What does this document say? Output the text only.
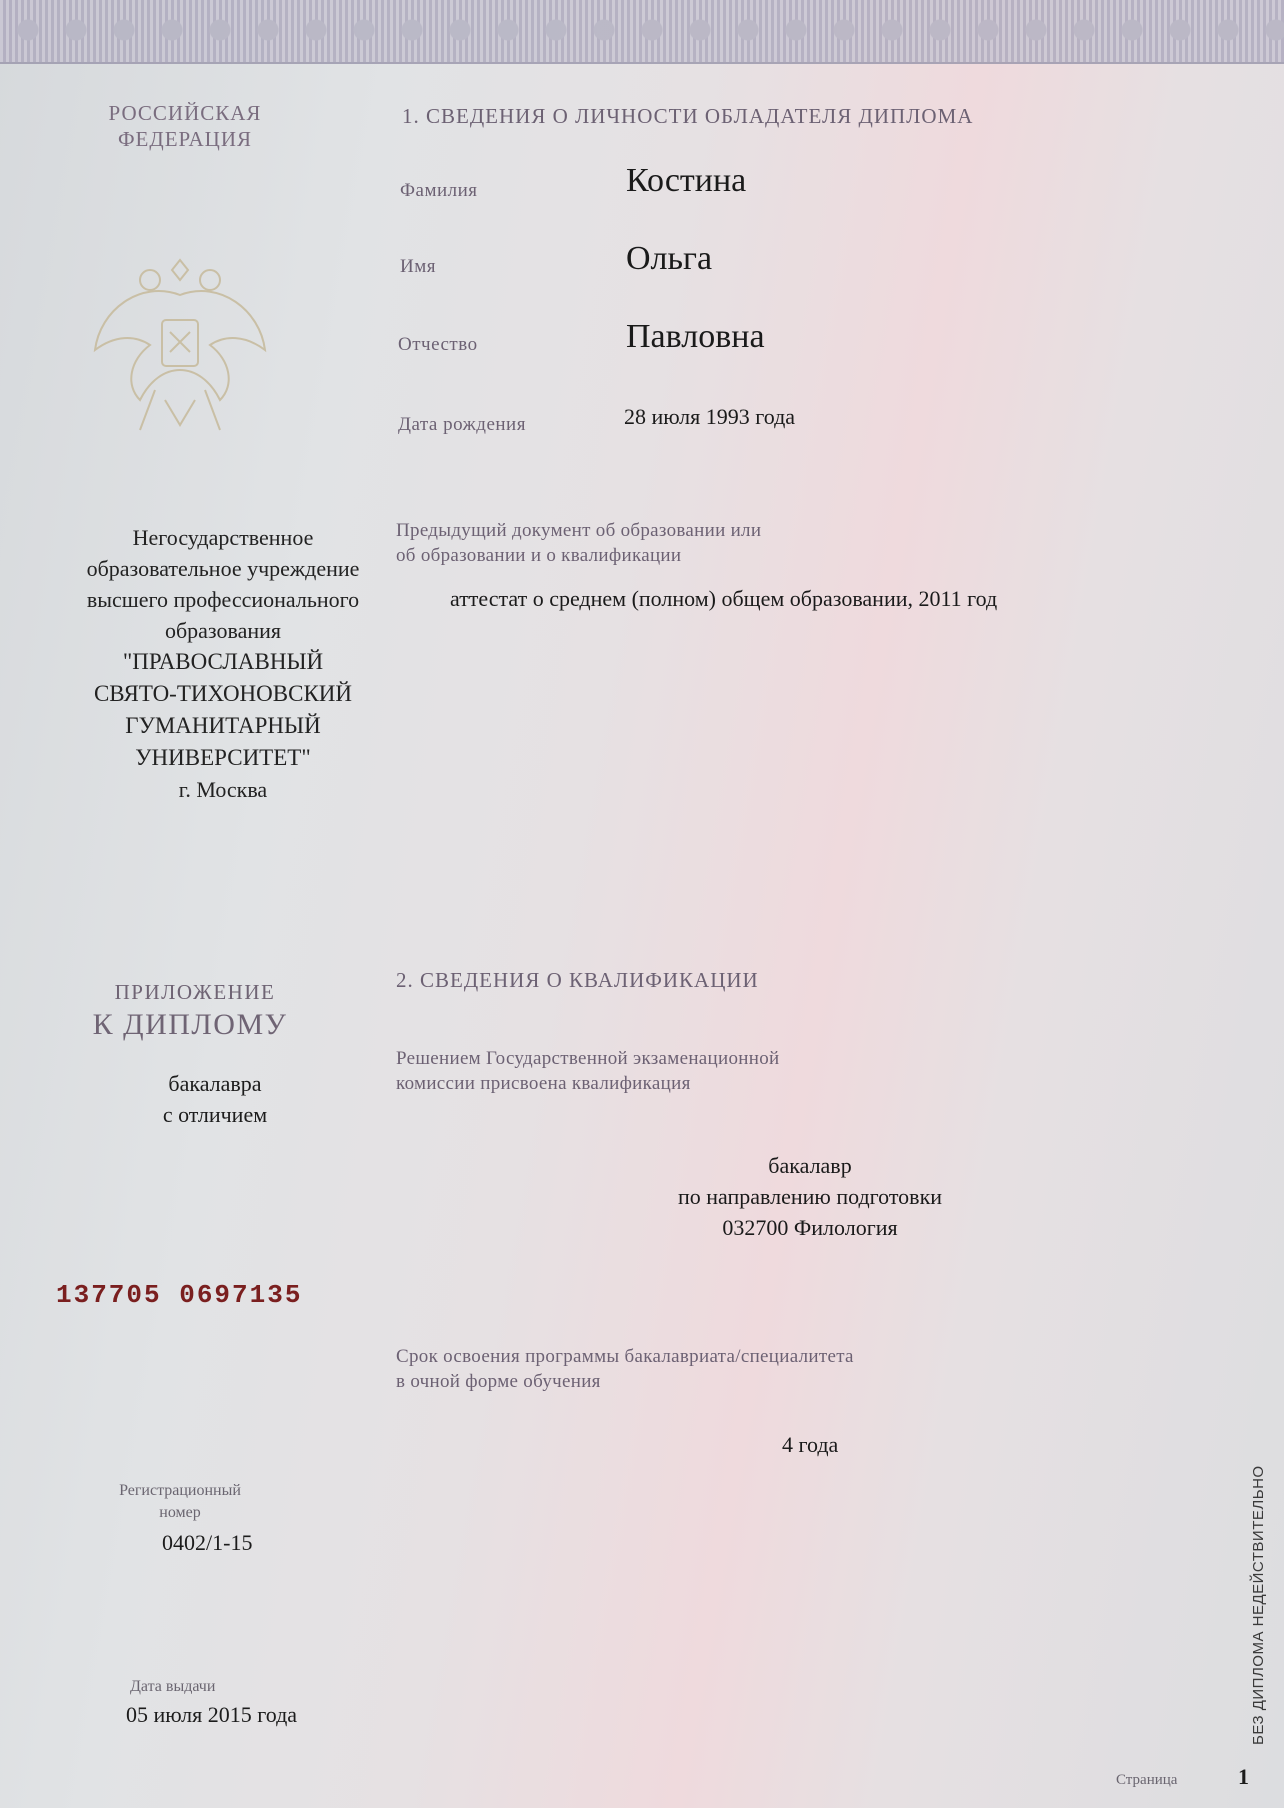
РОССИЙСКАЯ ФЕДЕРАЦИЯ
Негосударственное
образовательное учреждение
высшего профессионального
образования
"ПРАВОСЛАВНЫЙ
СВЯТО-ТИХОНОВСКИЙ
ГУМАНИТАРНЫЙ
УНИВЕРСИТЕТ"
г. Москва
ПРИЛОЖЕНИЕ
К ДИПЛОМУ
бакалавра
с отличием
137705 0697135
Регистрационный
номер
0402/1-15
Дата выдачи
05 июля 2015 года
1. СВЕДЕНИЯ О ЛИЧНОСТИ ОБЛАДАТЕЛЯ ДИПЛОМА
Фамилия	Костина
Имя	Ольга
Отчество	Павловна
Дата рождения	28 июля 1993 года
Предыдущий документ об образовании или
об образовании и о квалификации
аттестат о среднем (полном) общем образовании, 2011 год
2. СВЕДЕНИЯ О КВАЛИФИКАЦИИ
Решением Государственной экзаменационной
комиссии присвоена квалификация
бакалавр
по направлению подготовки
032700 Филология
Срок освоения программы бакалавриата/специалитета
в очной форме обучения
4 года
БЕЗ ДИПЛОМА НЕДЕЙСТВИТЕЛЬНО
Страница	1
